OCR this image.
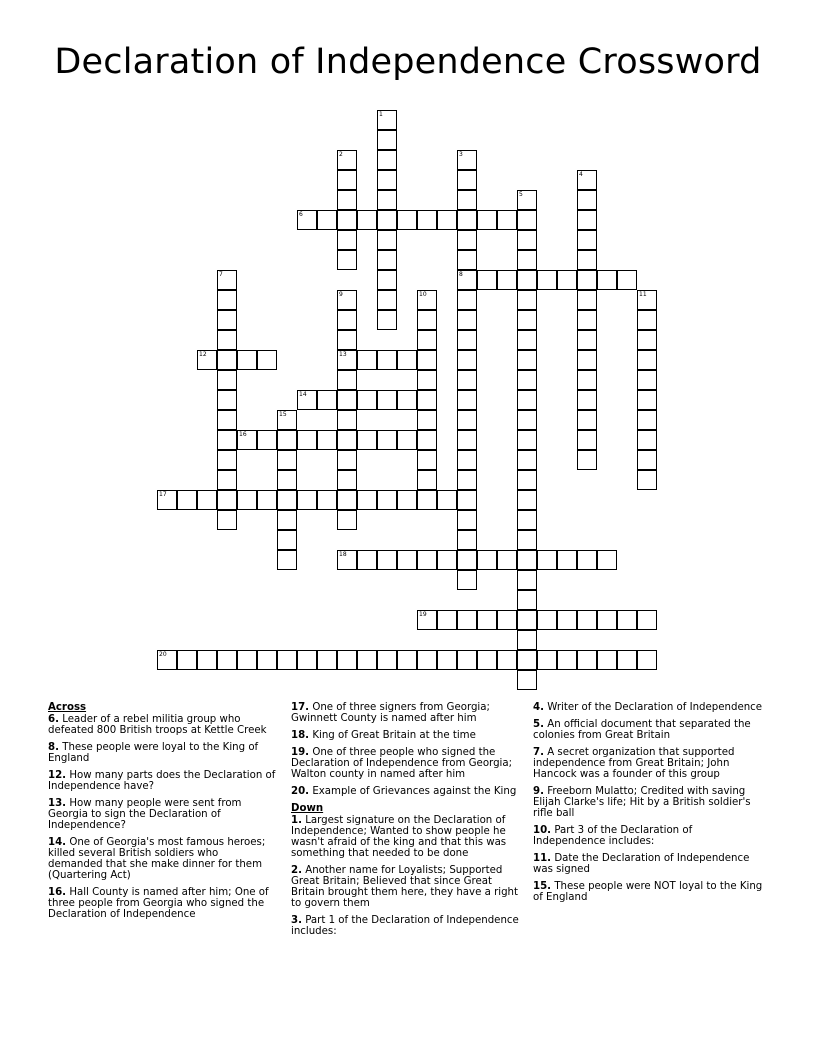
Declaration of Independence Crossword
1
2	3
8
4
5
6
7
9
13
10	11
12
14
15
16
17
18
19
20
Across
6. Leader of a rebel militia group who defeated 800 British troops at Kettle Creek
8. These people were loyal to the King of England
12. How many parts does the Declaration of Independence have?
13. How many people were sent from Georgia to sign the Declaration of Independence?
14. One of Georgia's most famous heroes; killed several British soldiers who demanded that she make dinner for them (Quartering Act)
16. Hall County is named after him; One of three people from Georgia who signed the Declaration of Independence
17. One of three signers from Georgia; Gwinnett County is named after him
18. King of Great Britain at the time
19. One of three people who signed the Declaration of Independence from Georgia; Walton county in named after him
20. Example of Grievances against the King
Down
1. Largest signature on the Declaration of Independence; Wanted to show people he wasn't afraid of the king and that this was something that needed to be done
2. Another name for Loyalists; Supported Great Britain; Believed that since Great Britain brought them here, they have a right to govern them
3. Part 1 of the Declaration of Independence includes:
4. Writer of the Declaration of Independence
5. An official document that separated the colonies from Great Britain
7. A secret organization that supported independence from Great Britain; John Hancock was a founder of this group
9. Freeborn Mulatto; Credited with saving Elijah Clarke's life; Hit by a British soldier's rifle ball
10. Part 3 of the Declaration of Independence includes:
11. Date the Declaration of Independence was signed
15. These people were NOT loyal to the King of England
